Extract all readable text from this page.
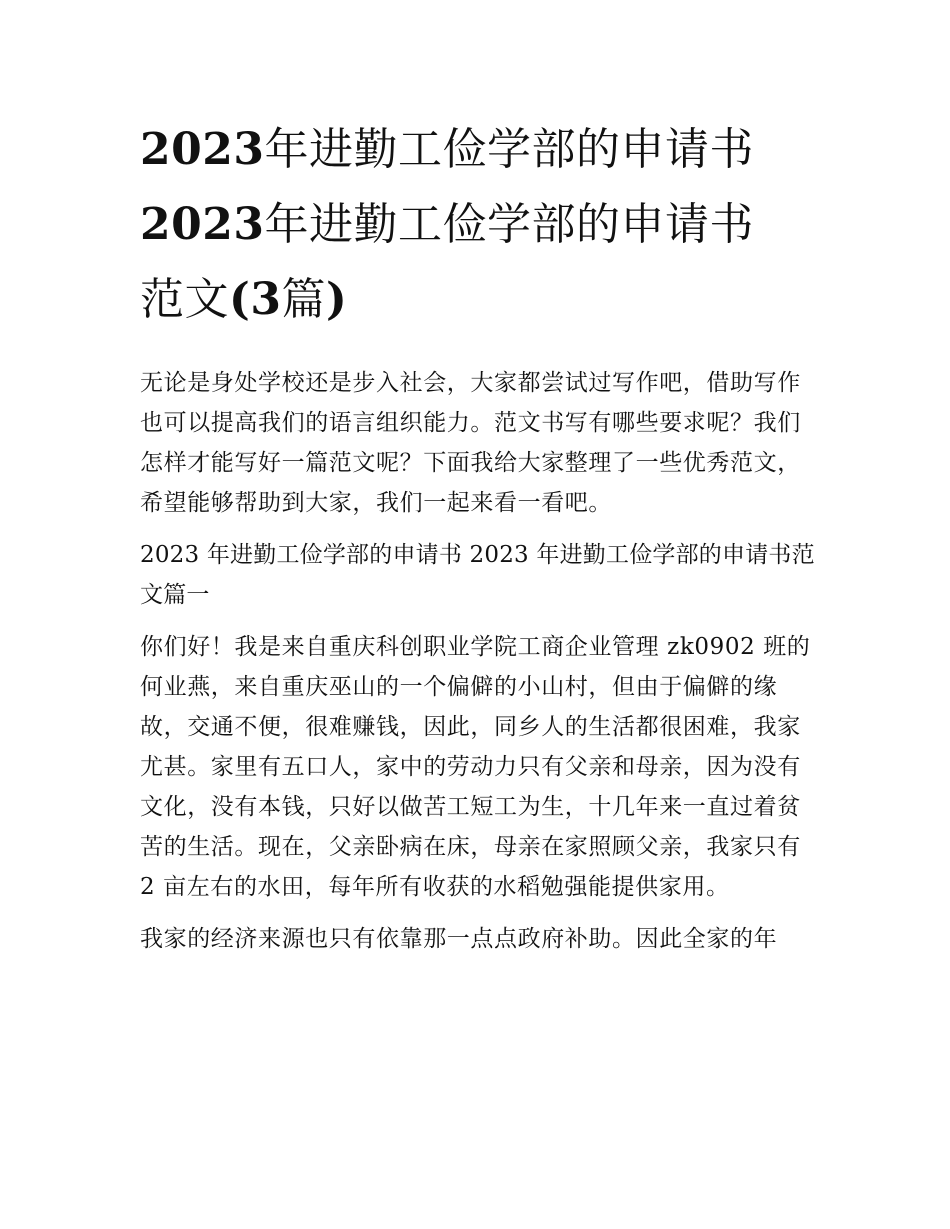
2023年进勤工俭学部的申请书
2023年进勤工俭学部的申请书
范文(3篇)

无论是身处学校还是步入社会，大家都尝试过写作吧，借助写作也可以提高我们的语言组织能力。范文书写有哪些要求呢？我们怎样才能写好一篇范文呢？下面我给大家整理了一些优秀范文，希望能够帮助到大家，我们一起来看一看吧。

2023 年进勤工俭学部的申请书 2023 年进勤工俭学部的申请书范文篇一

你们好！我是来自重庆科创职业学院工商企业管理 zk0902 班的何业燕，来自重庆巫山的一个偏僻的小山村，但由于偏僻的缘故，交通不便，很难赚钱，因此，同乡人的生活都很困难，我家尤甚。家里有五口人，家中的劳动力只有父亲和母亲，因为没有文化，没有本钱，只好以做苦工短工为生，十几年来一直过着贫苦的生活。现在，父亲卧病在床，母亲在家照顾父亲，我家只有 2 亩左右的水田，每年所有收获的水稻勉强能提供家用。

我家的经济来源也只有依靠那一点点政府补助。因此全家的年
